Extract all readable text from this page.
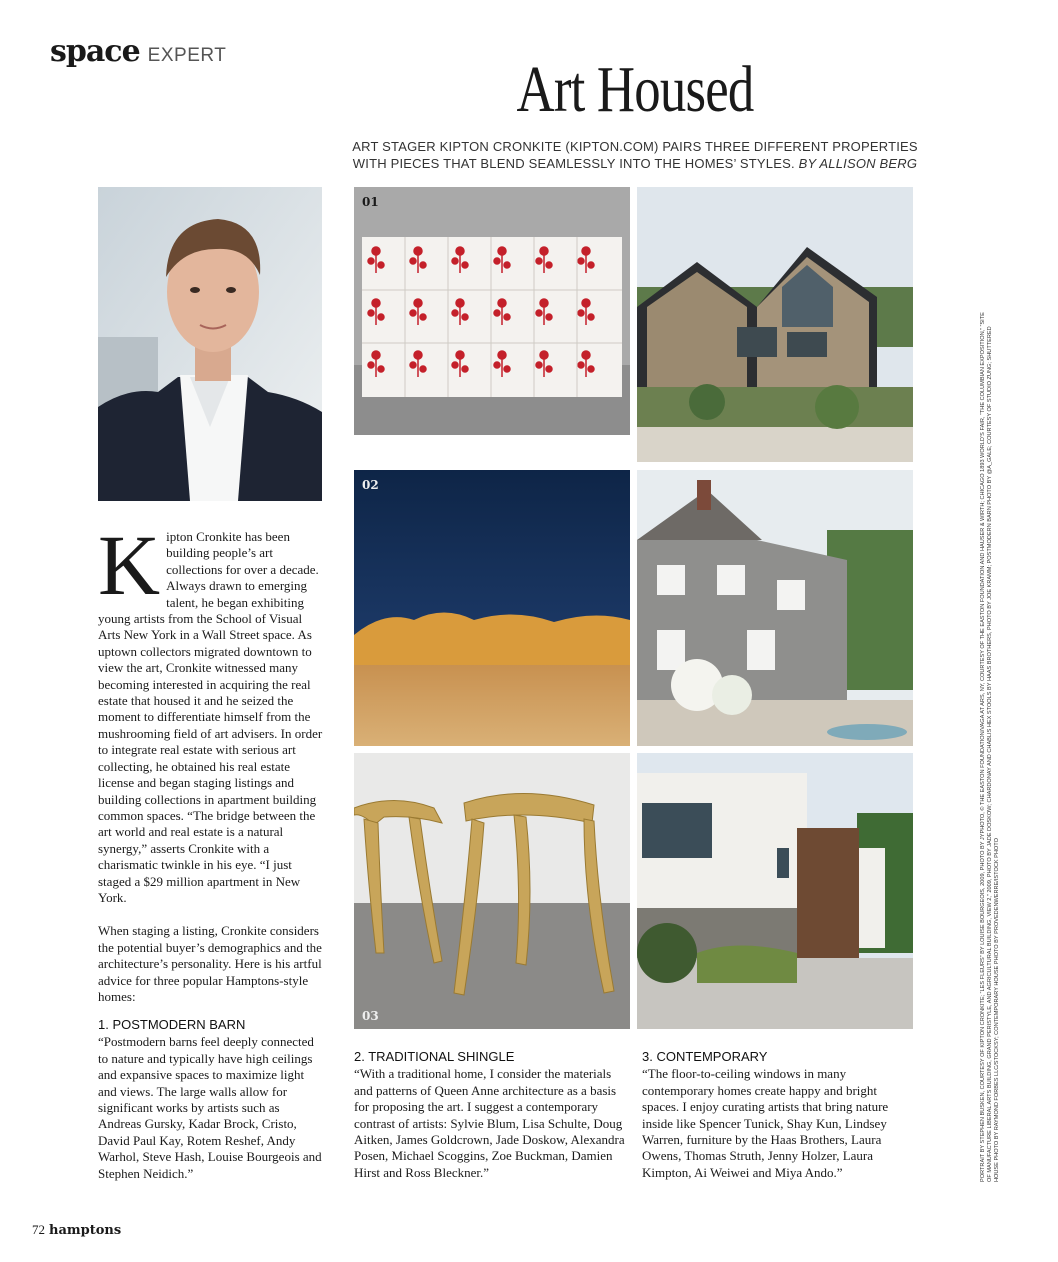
space EXPERT	Art Housed
ART STAGER KIPTON CRONKITE (KIPTON.COM) PAIRS THREE DIFFERENT PROPERTIES WITH PIECES THAT BLEND SEAMLESSLY INTO THE HOMES’ STYLES. BY ALLISON BERG
01
02
03
Kipton Cronkite has been building people’s art collections for over a decade. Always drawn to emerging talent, he began exhibiting young artists from the School of Visual Arts New York in a Wall Street space. As uptown collectors migrated downtown to view the art, Cronkite witnessed many becoming interested in acquiring the real estate that housed it and he seized the moment to differentiate himself from the mushrooming field of art advisers. In order to integrate real estate with serious art collecting, he obtained his real estate license and began staging listings and building collections in apartment building common spaces. “The bridge between the art world and real estate is a natural synergy,” asserts Cronkite with a charismatic twinkle in his eye. “I just staged a $29 million apartment in New York.

When staging a listing, Cronkite considers the potential buyer’s demographics and the architecture’s personality. Here is his artful advice for three popular Hamptons-style homes:

1. POSTMODERN BARN
“Postmodern barns feel deeply connected to nature and typically have high ceilings and expansive spaces to maximize light and views. The large walls allow for significant works by artists such as Andreas Gursky, Kadar Brock, Cristo, David Paul Kay, Rotem Reshef, Andy Warhol, Steve Hash, Louise Bourgeois and Stephen Neidich.”
2. TRADITIONAL SHINGLE
“With a traditional home, I consider the materials and patterns of Queen Anne architecture as a basis for proposing the art. I suggest a contemporary contrast of artists: Sylvie Blum, Lisa Schulte, Doug Aitken, James Goldcrown, Jade Doskow, Alexandra Posen, Michael Scoggins, Zoe Buckman, Damien Hirst and Ross Bleckner.”
3. CONTEMPORARY
“The floor-to-ceiling windows in many contemporary homes create happy and bright spaces. I enjoy curating artists that bring nature inside like Spencer Tunick, Shay Kun, Lindsey Warren, furniture by the Haas Brothers, Laura Owens, Thomas Struth, Jenny Holzer, Laura Kimpton, Ai Weiwei and Miya Ando.”	PORTRAIT BY STEPHEN BUSKEN, COURTESY OF KIPTON CRONKITE; “LES FLEURS” BY LOUISE BOURGEOIS, 2009, PHOTO BY JYPHOTO, © THE EASTON FOUNDATION/VAGA AT ARS, NY, COURTESY OF THE EASTON FOUNDATION AND HAUSER & WIRTH; CHICAGO 1893 WORLD’S FAIR, “THE COLUMBIAN EXPOSITION,” “SITE OF MANUFACTURE LIBERAL ARTS BUILDING, GRAND PERISTYLE, AND AGRICULTURAL BUILDING, VIEW 2,” 2009, PHOTO BY JADE DOSKOW; CHARDONAY AND CHABLIS HEX STOOLS BY HAAS BROTHERS, PHOTO BY JOE KRAMM; POSTMODERN BARN PHOTO BY @A_GALE; COURTESY OF STUDIO ZUNG; SHUTTERED HOUSE PHOTO BY RAYMOND FORBES LLC/STOCKSY; CONTEMPORARY HOUSE PHOTO BY PROVEDENWERRE/ISTOCK PHOTO
72 hamptons
